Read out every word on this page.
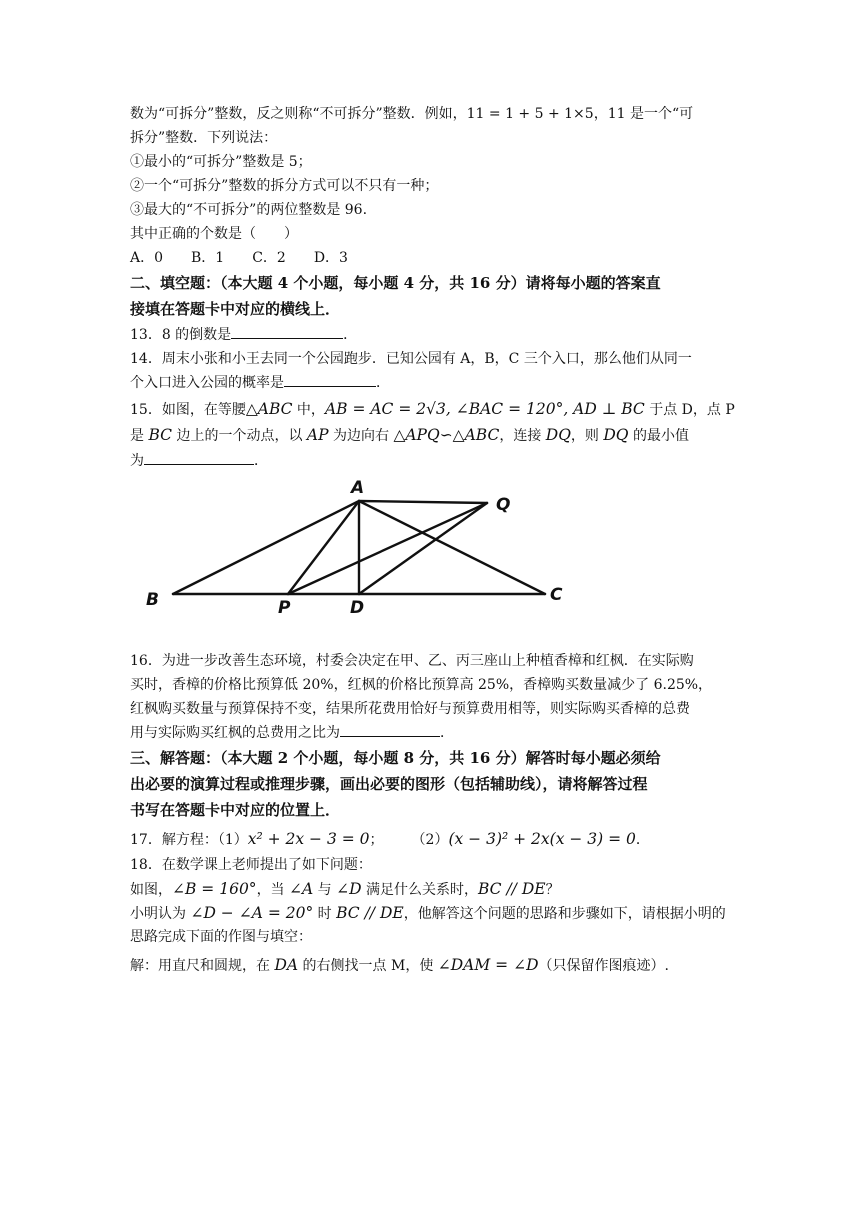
数为“可拆分”整数，反之则称“不可拆分”整数．例如，11 = 1 + 5 + 1×5，11 是一个“可
拆分”整数．下列说法：
①最小的“可拆分”整数是 5；
②一个“可拆分”整数的拆分方式可以不只有一种；
③最大的“不可拆分”的两位整数是 96.
其中正确的个数是（　　）
A．0　　B．1　　C．2　　D．3
二、填空题：（本大题 4 个小题，每小题 4 分，共 16 分）请将每小题的答案直
接填在答题卡中对应的横线上．
13．8 的倒数是	．
14．周末小张和小王去同一个公园跑步．已知公园有 A，B，C 三个入口，那么他们从同一
个入口进入公园的概率是	．
15．如图，在等腰△ABC 中，AB = AC = 2√3, ∠BAC = 120°, AD ⊥ BC 于点 D，点 P
是 BC 边上的一个动点，以 AP 为边向右 △APQ∽△ABC，连接 DQ，则 DQ 的最小值
为	．
A
Q
B	P	D
C
16．为进一步改善生态环境，村委会决定在甲、乙、丙三座山上种植香樟和红枫．在实际购
买时，香樟的价格比预算低 20%，红枫的价格比预算高 25%，香樟购买数量减少了 6.25%，
红枫购买数量与预算保持不变，结果所花费用恰好与预算费用相等，则实际购买香樟的总费
用与实际购买红枫的总费用之比为	．
三、解答题：（本大题 2 个小题，每小题 8 分，共 16 分）解答时每小题必须给
出必要的演算过程或推理步骤，画出必要的图形（包括辅助线），请将解答过程
书写在答题卡中对应的位置上．
17．解方程：（1）x² + 2x − 3 = 0；　　　（2）(x − 3)² + 2x(x − 3) = 0．
18．在数学课上老师提出了如下问题：
如图，∠B = 160°，当 ∠A 与 ∠D 满足什么关系时，BC // DE？
小明认为 ∠D − ∠A = 20° 时 BC // DE，他解答这个问题的思路和步骤如下，请根据小明的
思路完成下面的作图与填空：
解：用直尺和圆规，在 DA 的右侧找一点 M，使 ∠DAM = ∠D（只保留作图痕迹）.
